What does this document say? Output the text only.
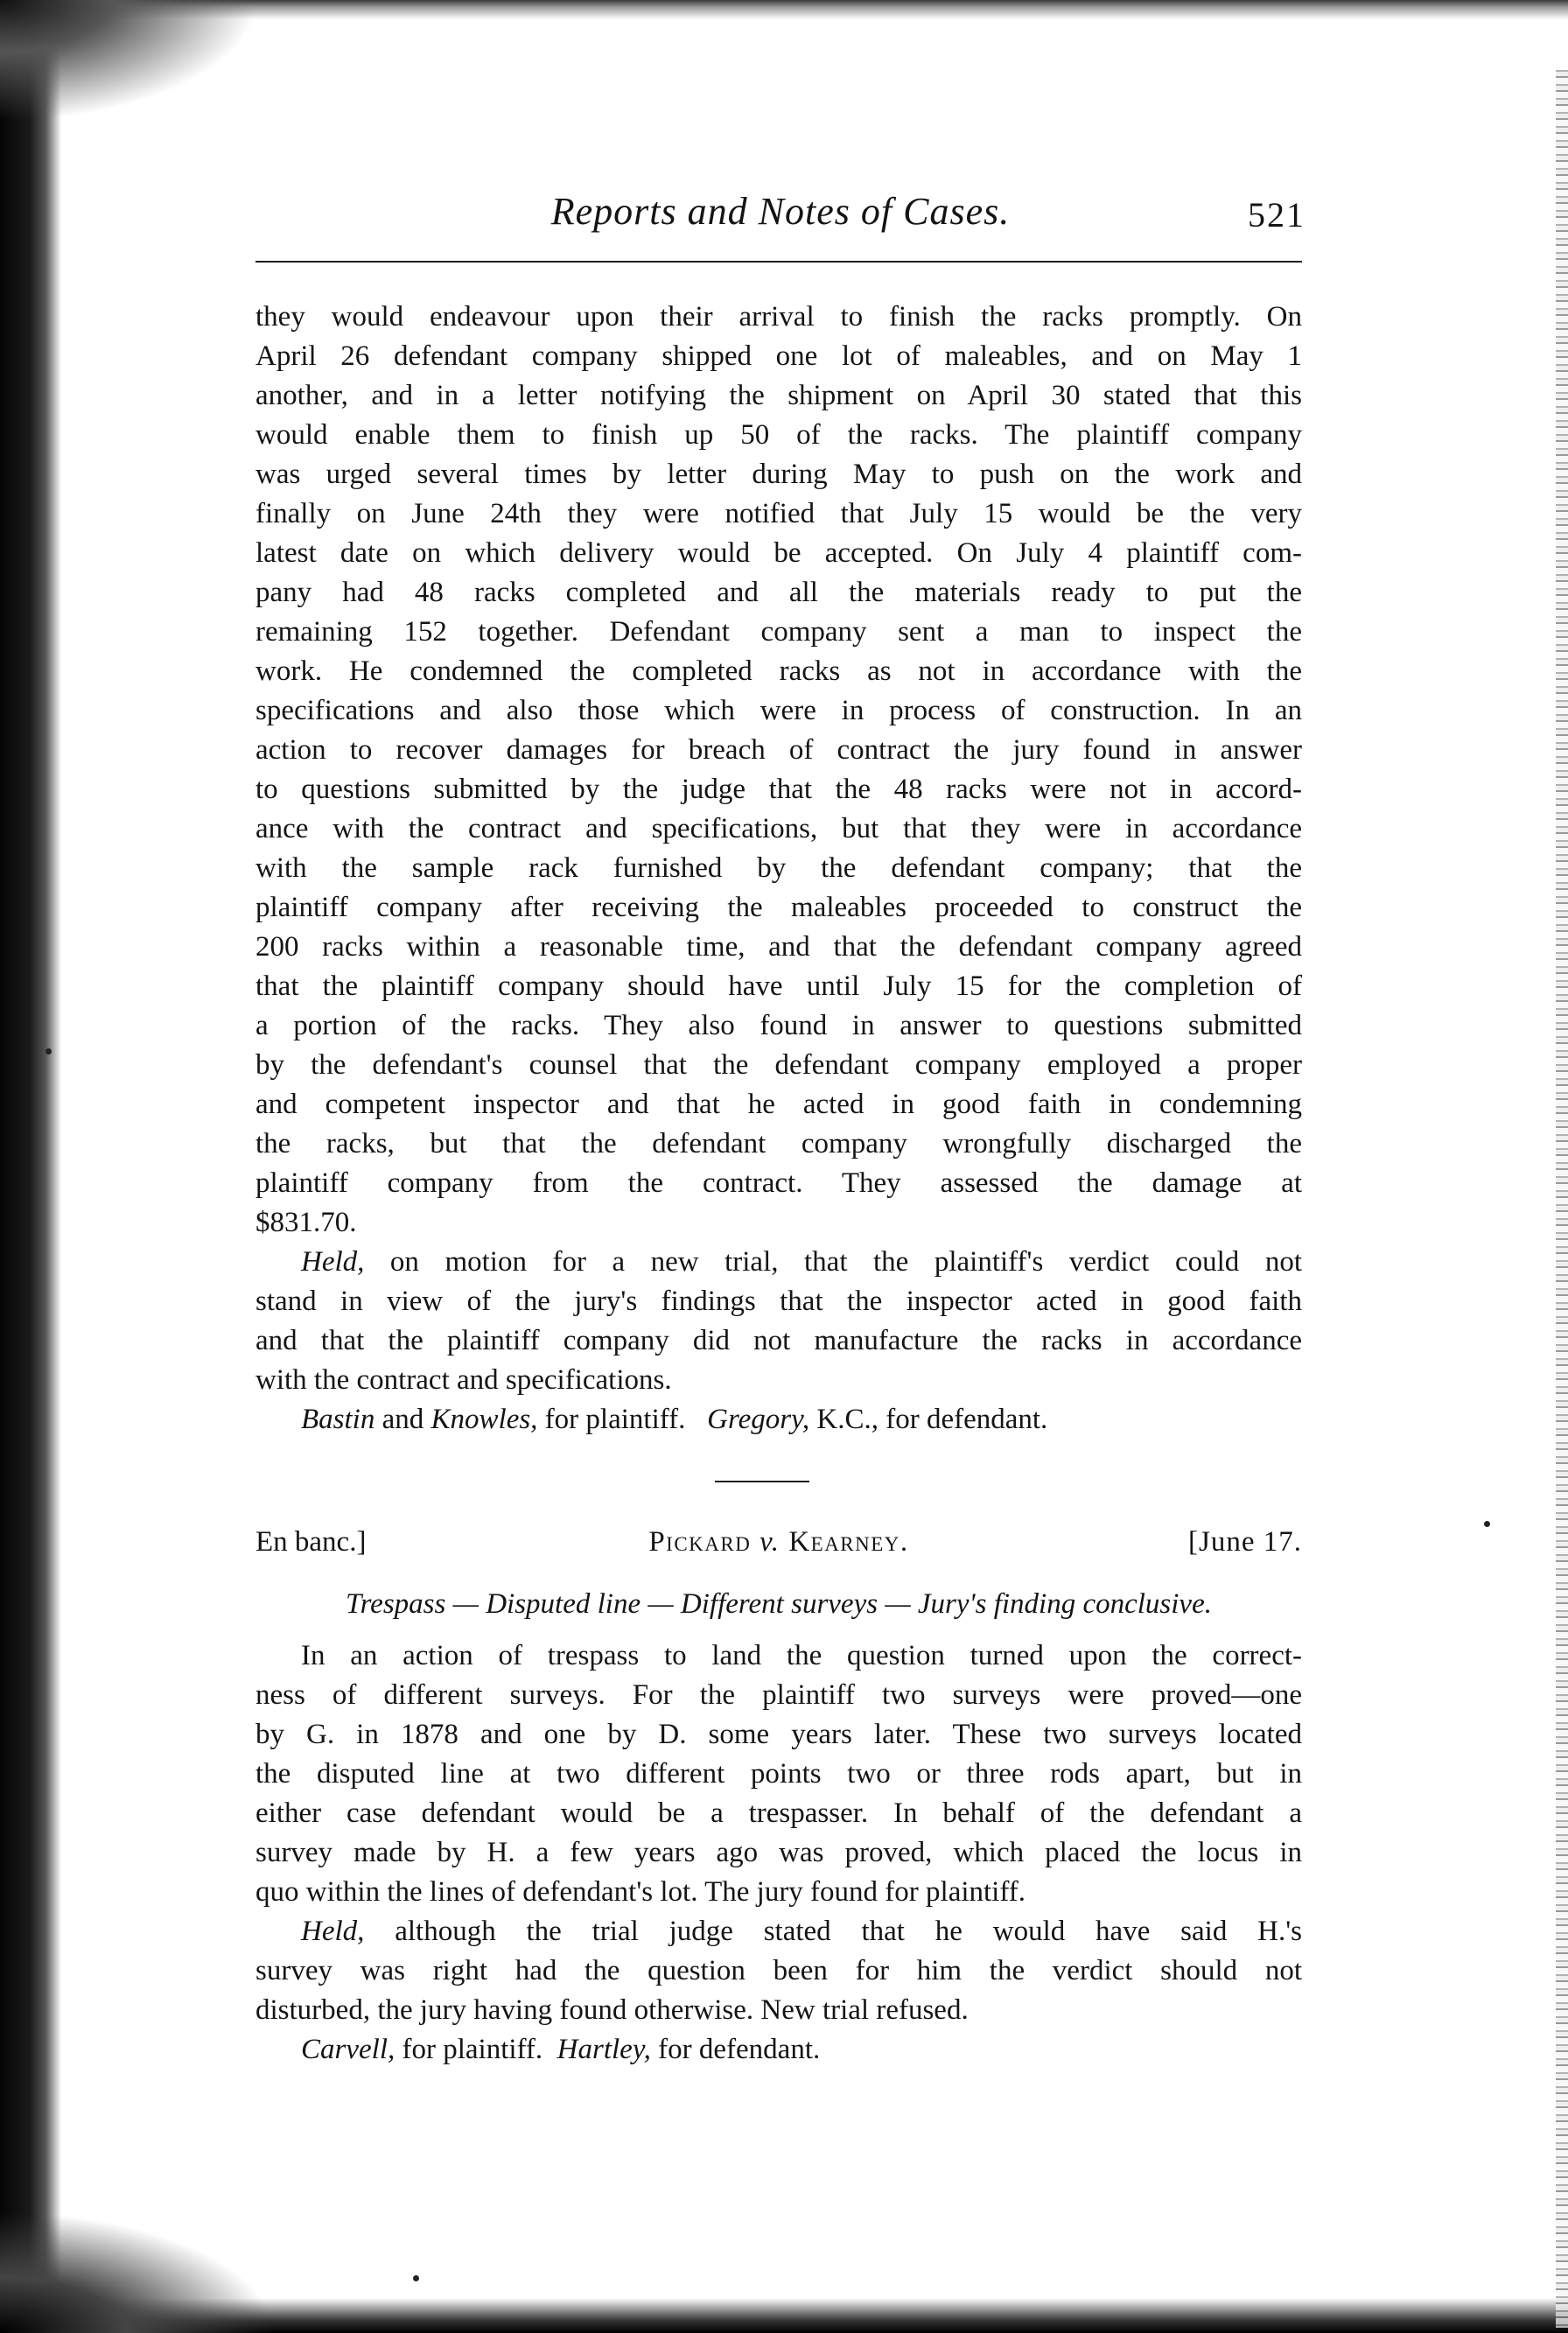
Reports and Notes of Cases.	521
they would endeavour upon their arrival to finish the racks promptly. On
April 26 defendant company shipped one lot of maleables, and on May 1
another, and in a letter notifying the shipment on April 30 stated that this
would enable them to finish up 50 of the racks. The plaintiff company
was urged several times by letter during May to push on the work and
finally on June 24th they were notified that July 15 would be the very
latest date on which delivery would be accepted. On July 4 plaintiff com-
pany had 48 racks completed and all the materials ready to put the
remaining 152 together. Defendant company sent a man to inspect the
work. He condemned the completed racks as not in accordance with the
specifications and also those which were in process of construction. In an
action to recover damages for breach of contract the jury found in answer
to questions submitted by the judge that the 48 racks were not in accord-
ance with the contract and specifications, but that they were in accordance
with the sample rack furnished by the defendant company; that the
plaintiff company after receiving the maleables proceeded to construct the
200 racks within a reasonable time, and that the defendant company agreed
that the plaintiff company should have until July 15 for the completion of
a portion of the racks. They also found in answer to questions submitted
by the defendant's counsel that the defendant company employed a proper
and competent inspector and that he acted in good faith in condemning
the racks, but that the defendant company wrongfully discharged the
plaintiff company from the contract. They assessed the damage at
$831.70.
Held, on motion for a new trial, that the plaintiff's verdict could not
stand in view of the jury's findings that the inspector acted in good faith
and that the plaintiff company did not manufacture the racks in accordance
with the contract and specifications.
Bastin and Knowles, for plaintiff. Gregory, K.C., for defendant.
En banc.]	Pickard v. Kearney.	[June 17.
Trespass — Disputed line — Different surveys — Jury's finding conclusive.
In an action of trespass to land the question turned upon the correct-
ness of different surveys. For the plaintiff two surveys were proved—one
by G. in 1878 and one by D. some years later. These two surveys located
the disputed line at two different points two or three rods apart, but in
either case defendant would be a trespasser. In behalf of the defendant a
survey made by H. a few years ago was proved, which placed the locus in
quo within the lines of defendant's lot. The jury found for plaintiff.
Held, although the trial judge stated that he would have said H.'s
survey was right had the question been for him the verdict should not
disturbed, the jury having found otherwise. New trial refused.
Carvell, for plaintiff. Hartley, for defendant.
